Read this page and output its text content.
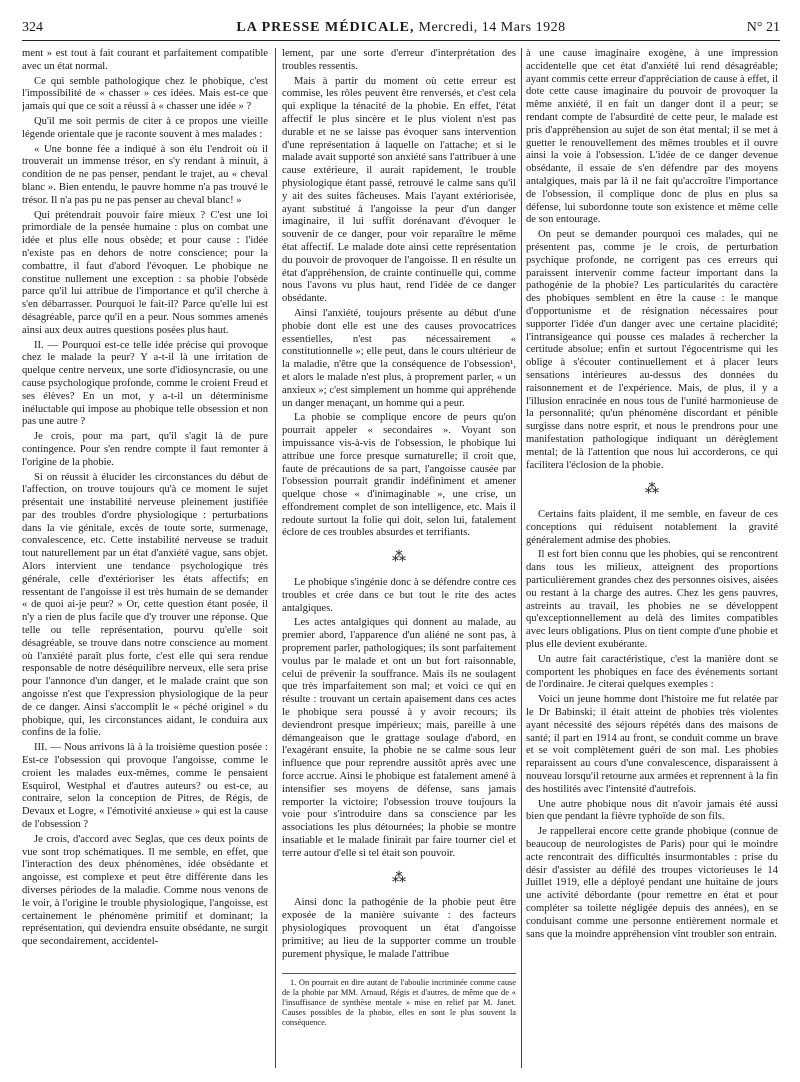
324	LA PRESSE MÉDICALE, Mercredi, 14 Mars 1928	N° 21

ment » est tout à fait courant et parfaitement compatible avec un état normal.

Ce qui semble pathologique chez le phobique, c'est l'impossibilité de « chasser » ces idées. Mais est-ce que jamais qui que ce soit a réussi à « chasser une idée » ?

Qu'il me soit permis de citer à ce propos une vieille légende orientale que je raconte souvent à mes malades :

« Une bonne fée a indiqué à son élu l'endroit où il trouverait un immense trésor, en s'y rendant à minuit, à condition de ne pas penser, pendant le trajet, au « cheval blanc ». Bien entendu, le pauvre homme n'a pas trouvé le trésor. Il n'a pas pu ne pas penser au cheval blanc! »

Qui prétendrait pouvoir faire mieux ? C'est une loi primordiale de la pensée humaine : plus on combat une idée et plus elle nous obsède; et pour cause : l'idée n'existe pas en dehors de notre conscience; pour la combattre, il faut d'abord l'évoquer. Le phobique ne constitue nullement une exception : sa phobie l'obsède parce qu'il lui attribue de l'importance et qu'il cherche à s'en débarrasser. Pourquoi le fait-il? Parce qu'elle lui est désagréable, parce qu'il en a peur. Nous sommes amenés ainsi aux deux autres questions posées plus haut.

II. — Pourquoi est-ce telle idée précise qui provoque chez le malade la peur? Y a-t-il là une irritation de quelque centre nerveux, une sorte d'idiosyncrasie, ou une cause psychologique profonde, comme le croient Freud et ses élèves? En un mot, y a-t-il un déterminisme inéluctable qui impose au phobique telle obsession et non pas une autre ?

Je crois, pour ma part, qu'il s'agit là de pure contingence. Pour s'en rendre compte il faut remonter à l'origine de la phobie.

Si on réussit à élucider les circonstances du début de l'affection, on trouve toujours qu'à ce moment le sujet présentait une instabilité nerveuse pleinement justifiée par des troubles d'ordre physiologique : perturbations dans la vie génitale, excès de toute sorte, surmenage, convalescence, etc. Cette instabilité nerveuse se traduit tout naturellement par un état d'anxiété vague, sans objet. Alors intervient une tendance psychologique très générale, celle d'extérioriser les états affectifs; en ressentant de l'angoisse il est très humain de se demander « de quoi ai-je peur? » Or, cette question étant posée, il n'y a rien de plus facile que d'y trouver une réponse. Que telle ou telle représentation, pourvu qu'elle soit désagréable, se trouve dans notre conscience au moment où l'anxiété paraît plus forte, c'est elle qui sera rendue responsable de notre déséquilibre nerveux, elle sera prise pour l'annonce d'un danger, et le malade craint que son angoisse n'est que l'expression physiologique de la peur de ce danger. Ainsi s'accomplit le « péché originel » du phobique, qui, les circonstances aidant, le conduira aux confins de la folie.

III. — Nous arrivons là à la troisième question posée : Est-ce l'obsession qui provoque l'angoisse, comme le croient les malades eux-mêmes, comme le pensaient Esquirol, Westphal et d'autres auteurs? ou est-ce, au contraire, selon la conception de Pitres, de Régis, de Devaux et Logre, « l'émotivité anxieuse » qui est la cause de l'obsession ?

Je crois, d'accord avec Seglas, que ces deux points de vue sont trop schématiques. Il me semble, en effet, que l'interaction des deux phénomènes, idée obsédante et angoisse, est complexe et peut être différente dans les diverses périodes de la maladie. Comme nous venons de le voir, à l'origine le trouble physiologique, l'angoisse, est certainement le phénomène primitif et dominant; la représentation, qui deviendra ensuite obsédante, ne surgit que secondairement, accidentel-

lement, par une sorte d'erreur d'interprétation des troubles ressentis.

Mais à partir du moment où cette erreur est commise, les rôles peuvent être renversés, et c'est cela qui explique la ténacité de la phobie. En effet, l'état affectif le plus sincère et le plus violent n'est pas durable et ne se laisse pas évoquer sans intervention d'une représentation à laquelle on l'attache; et si le malade avait supporté son anxiété sans l'attribuer à une cause extérieure, il aurait rapidement, le trouble physiologique étant passé, retrouvé le calme sans qu'il y ait des suites fâcheuses. Mais l'ayant extériorisée, ayant substitué à l'angoisse la peur d'un danger imaginaire, il lui suffit dorénavant d'évoquer le souvenir de ce danger, pour voir reparaître le même état affectif. Le malade dote ainsi cette représentation du pouvoir de provoquer de l'angoisse. Il en résulte un état d'appréhension, de crainte continuelle qui, comme nous l'avons vu plus haut, rend l'idée de ce danger obsédante.

Ainsi l'anxiété, toujours présente au début d'une phobie dont elle est une des causes provocatrices essentielles, n'est pas nécessairement « constitutionnelle »; elle peut, dans le cours ultérieur de la maladie, n'être que la conséquence de l'obsession¹, et alors le malade n'est plus, à proprement parler, « un anxieux »; c'est simplement un homme qui appréhende un danger menaçant, un homme qui a peur.

La phobie se complique encore de peurs qu'on pourrait appeler « secondaires ». Voyant son impuissance vis-à-vis de l'obsession, le phobique lui attribue une force presque surnaturelle; il croit que, faute de précautions de sa part, l'angoisse causée par l'obsession pourrait grandir indéfiniment et amener quelque chose « d'inimaginable », une crise, un effondrement complet de son intelligence, etc. Mais il redoute surtout la folie qui doit, selon lui, fatalement éclore de ces troubles absurdes et terrifiants.

⁂

Le phobique s'ingénie donc à se défendre contre ces troubles et crée dans ce but tout le rite des actes antalgiques.

Les actes antalgiques qui donnent au malade, au premier abord, l'apparence d'un aliéné ne sont pas, à proprement parler, pathologiques; ils sont parfaitement voulus par le malade et ont un but fort raisonnable, celui de prévenir la souffrance. Mais ils ne soulagent que très imparfaitement son mal; et voici ce qui en résulte : trouvant un certain apaisement dans ces actes le phobique sera poussé à y avoir recours; ils deviendront presque impérieux; mais, pareille à une démangeaison que le grattage soulage d'abord, en l'exagérant ensuite, la phobie ne se calme sous leur influence que pour reprendre aussitôt après avec une force accrue. Ainsi le phobique est fatalement amené à intensifier ses moyens de défense, sans jamais remporter la victoire; l'obsession trouve toujours la voie pour s'introduire dans sa conscience par les associations les plus détournées; la phobie se montre insatiable et le malade finirait par faire tourner ciel et terre autour d'elle si tel était son pouvoir.

⁂

Ainsi donc la pathogénie de la phobie peut être exposée de la manière suivante : des facteurs physiologiques provoquent un état d'angoisse primitive; au lieu de la supporter comme un trouble purement physique, le malade l'attribue

1. On pourrait en dire autant de l'aboulie incriminée comme cause de la phobie par MM. Arnaud, Régis et d'autres, de même que de « l'insuffisance de synthèse mentale » mise en relief par M. Janet. Causes possibles de la phobie, elles en sont le plus souvent la conséquence.

à une cause imaginaire exogène, à une impression accidentelle que cet état d'anxiété lui rend désagréable; ayant commis cette erreur d'appréciation de cause à effet, il dote cette cause imaginaire du pouvoir de provoquer la même anxiété, il en fait un danger dont il a peur; se rendant compte de l'absurdité de cette peur, le malade est pris d'appréhension au sujet de son état mental; il se met à guetter le renouvellement des mêmes troubles et il ouvre ainsi la voie à l'obsession. L'idée de ce danger devenue obsédante, il essaie de s'en défendre par des moyens antalgiques, mais par là il ne fait qu'accroître l'importance de l'obsession, il complique donc de plus en plus sa défense, lui subordonne toute son existence et même celle de son entourage.

On peut se demander pourquoi ces malades, qui ne présentent pas, comme je le crois, de perturbation psychique profonde, ne corrigent pas ces erreurs qui paraissent intervenir comme facteur important dans la pathogénie de la phobie? Les particularités du caractère des phobiques semblent en être la cause : le manque d'opportunisme et de résignation nécessaires pour supporter l'idée d'un danger avec une certaine placidité; l'intransigeance qui pousse ces malades à rechercher la certitude absolue; enfin et surtout l'égocentrisme qui les oblige à s'écouter continuellement et à placer leurs sensations intérieures au-dessus des données du raisonnement et de l'expérience. Mais, de plus, il y a l'illusion enracinée en nous tous de l'unité harmonieuse de la personnalité; qu'un phénomène discordant et pénible surgisse dans notre esprit, et nous le prendrons pour une manifestation pathologique indiquant un dérèglement mental; de là l'attention que nous lui accorderons, ce qui facilitera l'éclosion de la phobie.

⁂

Certains faits plaident, il me semble, en faveur de ces conceptions qui réduisent notablement la gravité généralement admise des phobies.

Il est fort bien connu que les phobies, qui se rencontrent dans tous les milieux, atteignent des proportions particulièrement grandes chez des personnes oisives, aisées ou restant à la charge des autres. Chez les gens pauvres, astreints au travail, les phobies ne se développent qu'exceptionnellement au delà des limites compatibles avec leurs obligations. Plus on tient compte d'une phobie et plus elle devient exubérante.

Un autre fait caractéristique, c'est la manière dont se comportent les phobiques en face des événements sortant de l'ordinaire. Je citerai quelques exemples :

Voici un jeune homme dont l'histoire me fut relatée par le Dr Babinski; il était atteint de phobies très violentes ayant nécessité des séjours répétés dans des maisons de santé; il part en 1914 au front, se conduit comme un brave et se voit complètement guéri de son mal. Les phobies reparaissent au cours d'une convalescence, disparaissent à nouveau lorsqu'il retourne aux armées et reprennent à la fin des hostilités avec l'intensité d'autrefois.

Une autre phobique nous dit n'avoir jamais été aussi bien que pendant la fièvre typhoïde de son fils.

Je rappellerai encore cette grande phobique (connue de beaucoup de neurologistes de Paris) pour qui le moindre acte rencontrait des difficultés insurmontables : prise du désir d'assister au défilé des troupes victorieuses le 14 Juillet 1919, elle a déployé pendant une huitaine de jours une activité débordante (pour remettre en état et pour compléter sa toilette négligée depuis des années), en se conduisant comme une personne entièrement normale et sans que la moindre appréhension vînt troubler son entrain.
